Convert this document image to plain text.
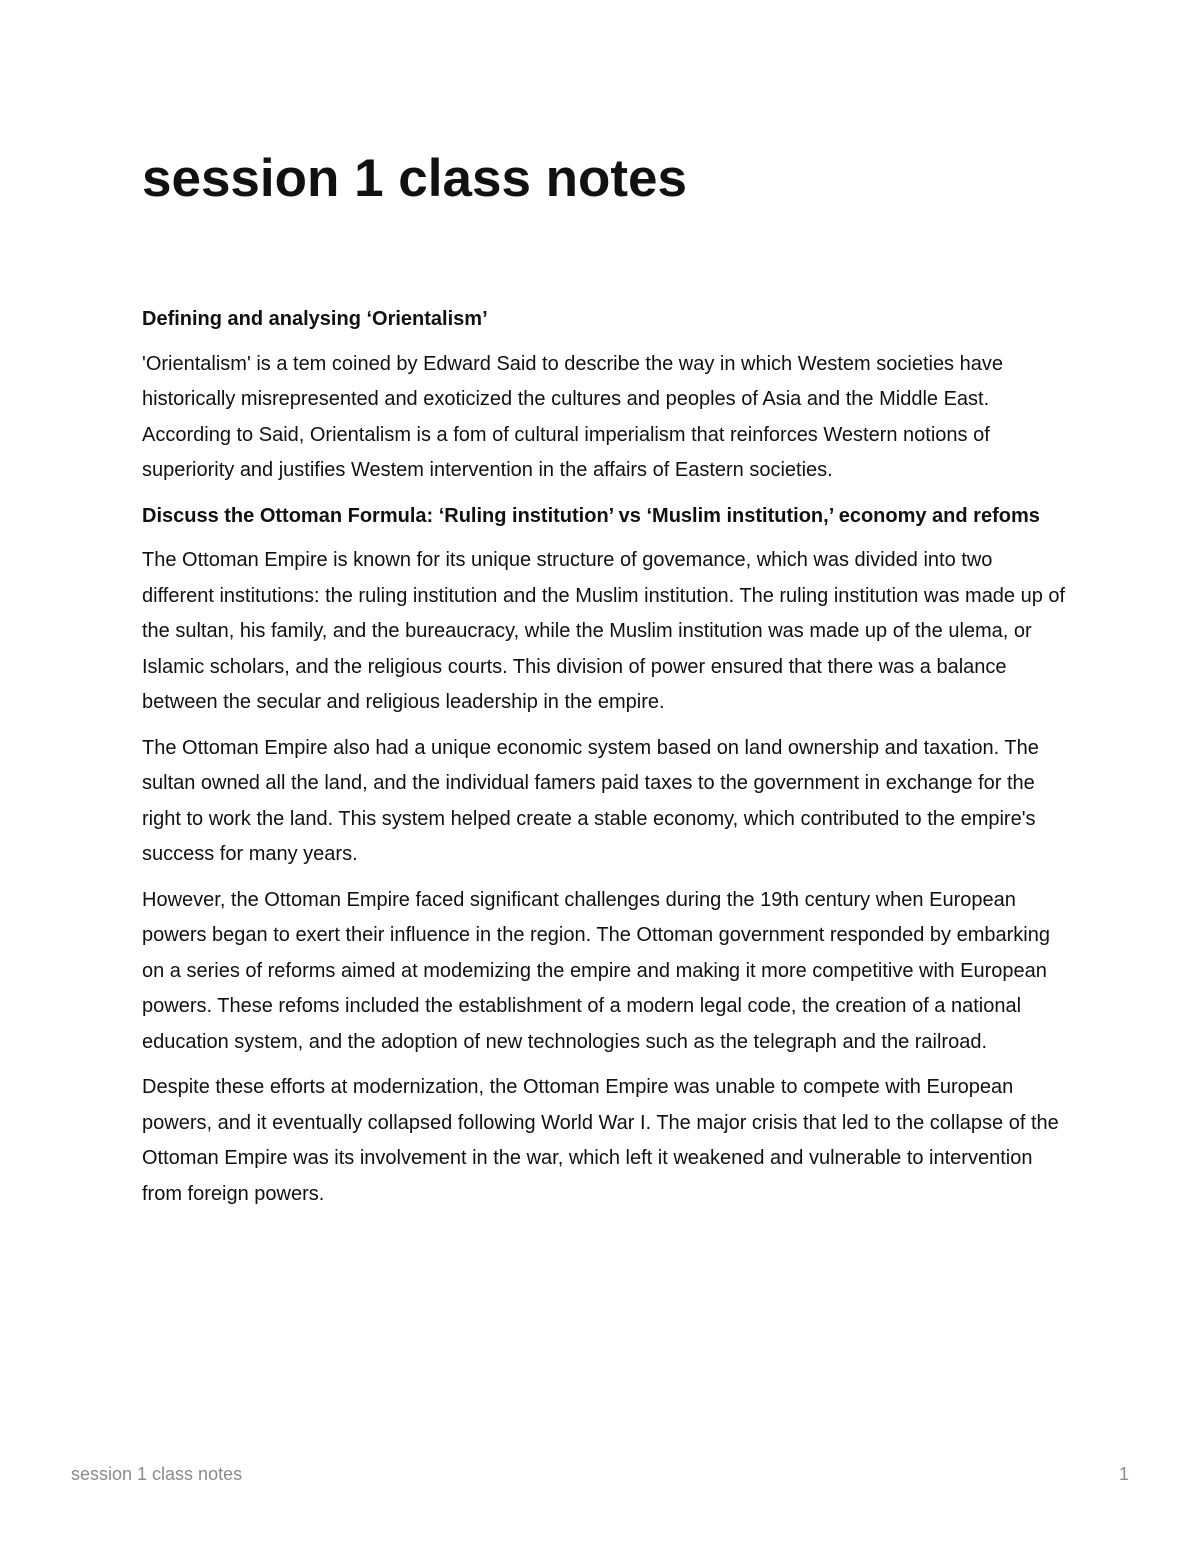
session 1 class notes
Defining and analysing ‘Orientalism’

'Orientalism' is a tem coined by Edward Said to describe the way in which Westem societies have historically misrepresented and exoticized the cultures and peoples of Asia and the Middle East. According to Said, Orientalism is a fom of cultural imperialism that reinforces Western notions of superiority and justifies Westem intervention in the affairs of Eastern societies.

Discuss the Ottoman Formula: ‘Ruling institution’ vs ‘Muslim institution,’ economy and refoms

The Ottoman Empire is known for its unique structure of govemance, which was divided into two different institutions: the ruling institution and the Muslim institution. The ruling institution was made up of the sultan, his family, and the bureaucracy, while the Muslim institution was made up of the ulema, or Islamic scholars, and the religious courts. This division of power ensured that there was a balance between the secular and religious leadership in the empire.

The Ottoman Empire also had a unique economic system based on land ownership and taxation. The sultan owned all the land, and the individual famers paid taxes to the government in exchange for the right to work the land. This system helped create a stable economy, which contributed to the empire's success for many years.

However, the Ottoman Empire faced significant challenges during the 19th century when European powers began to exert their influence in the region. The Ottoman government responded by embarking on a series of reforms aimed at modemizing the empire and making it more competitive with European powers. These refoms included the establishment of a modern legal code, the creation of a national education system, and the adoption of new technologies such as the telegraph and the railroad.

Despite these efforts at modernization, the Ottoman Empire was unable to compete with European powers, and it eventually collapsed following World War I. The major crisis that led to the collapse of the Ottoman Empire was its involvement in the war, which left it weakened and vulnerable to intervention from foreign powers.

session 1 class notes	1
